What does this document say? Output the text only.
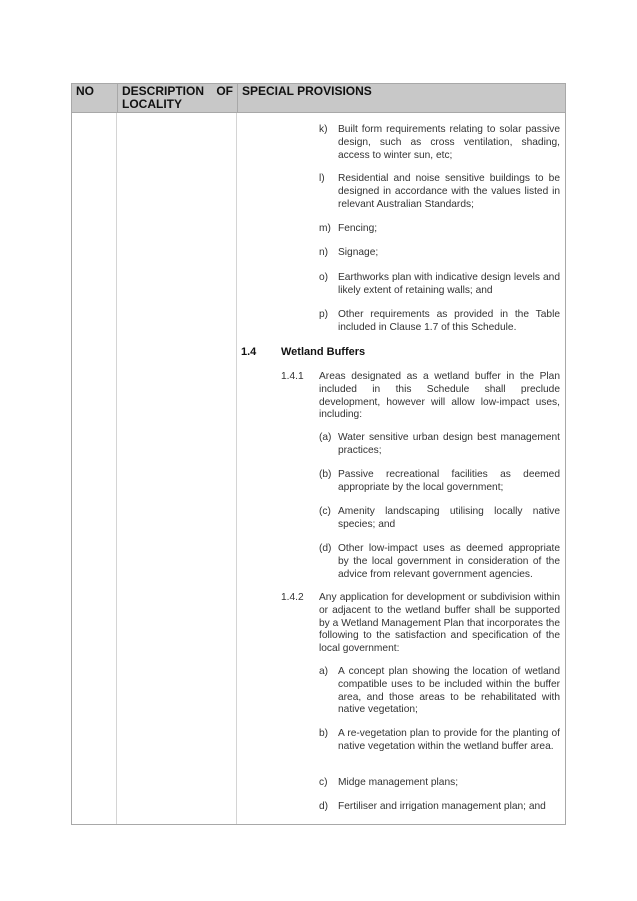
NO	DESCRIPTION OF
LOCALITY
SPECIAL PROVISIONS
k) Built form requirements relating to solar passive design, such as cross ventilation, shading, access to winter sun, etc;
l) Residential and noise sensitive buildings to be designed in accordance with the values listed in relevant Australian Standards;
m) Fencing;
n) Signage;
o) Earthworks plan with indicative design levels and likely extent of retaining walls; and
p) Other requirements as provided in the Table included in Clause 1.7 of this Schedule.
1.4 Wetland Buffers
1.4.1 Areas designated as a wetland buffer in the Plan included in this Schedule shall preclude development, however will allow low-impact uses, including:
(a) Water sensitive urban design best management practices;
(b) Passive recreational facilities as deemed appropriate by the local government;
(c) Amenity landscaping utilising locally native species; and
(d) Other low-impact uses as deemed appropriate by the local government in consideration of the advice from relevant government agencies.
1.4.2 Any application for development or subdivision within or adjacent to the wetland buffer shall be supported by a Wetland Management Plan that incorporates the following to the satisfaction and specification of the local government:
a) A concept plan showing the location of wetland compatible uses to be included within the buffer area, and those areas to be rehabilitated with native vegetation;
b) A re-vegetation plan to provide for the planting of native vegetation within the wetland buffer area.
c) Midge management plans;
d) Fertiliser and irrigation management plan; and
